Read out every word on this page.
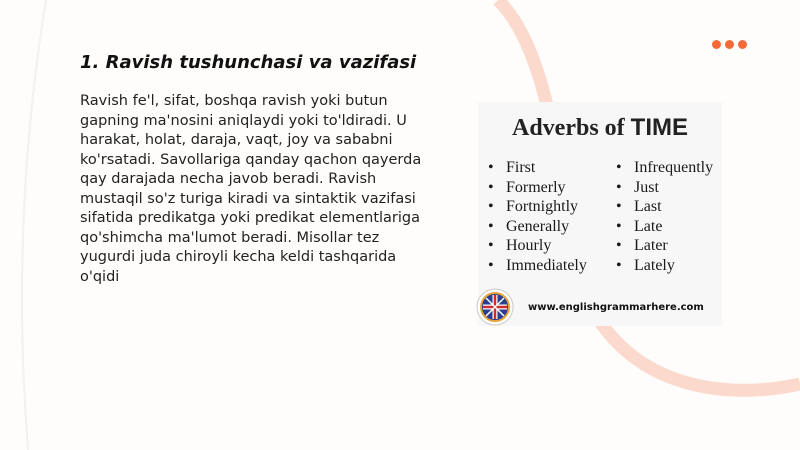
1. Ravish tushunchasi va vazifasi

Ravish fe'l, sifat, boshqa ravish yoki butun gapning ma'nosini aniqlaydi yoki to'ldiradi. U harakat, holat, daraja, vaqt, joy va sababni ko'rsatadi. Savollariga qanday qachon qayerda qay darajada necha javob beradi. Ravish mustaqil so'z turiga kiradi va sintaktik vazifasi sifatida predikatga yoki predikat elementlariga qo'shimcha ma'lumot beradi. Misollar tez yugurdi juda chiroyli kecha keldi tashqarida o'qidi

Adverbs of TIME
• First
• Formerly
• Fortnightly
• Generally
• Hourly
• Immediately
• Infrequently
• Just
• Last
• Late
• Later
• Lately
www.englishgrammarhere.com
